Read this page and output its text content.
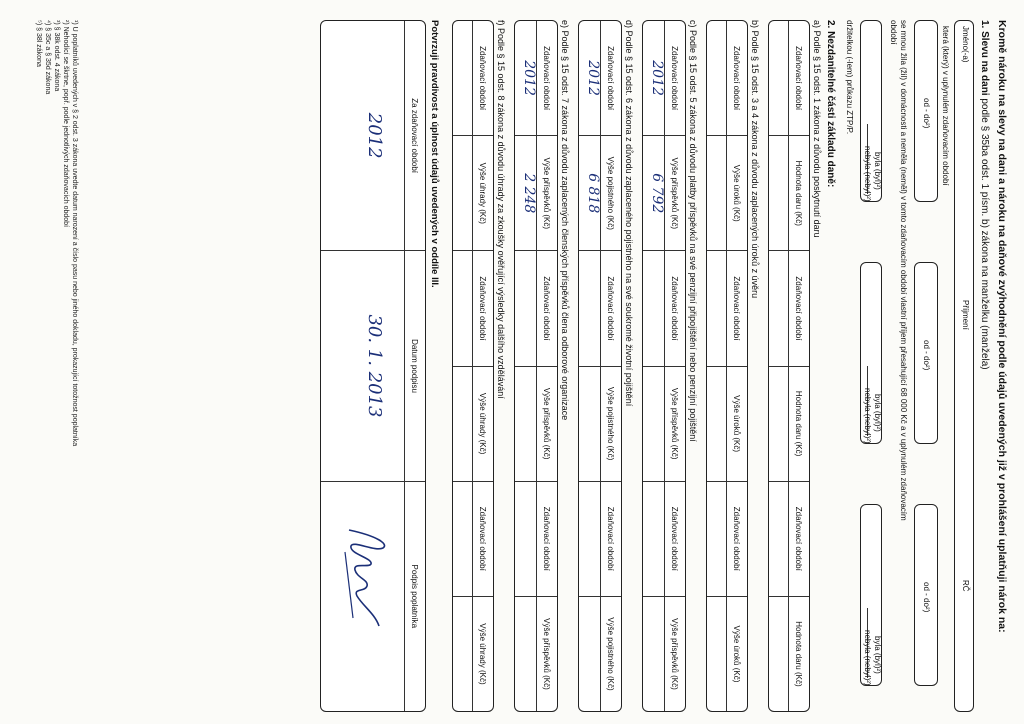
Kromě nároku na slevy na dani a nároku na daňové zvýhodnění podle údajů uvedených již v prohlášení uplatňuji nárok na:
1. Slevu na dani podle § 35ba odst. 1 písm. b) zákona na manželku (manžela)
Jméno(-a)
Příjmení
RČ
která (který) v uplynulém zdaňovacím období
od - do²)
od - do²)
od - do²)
se mnou žila (žil) v domácnosti a neměla (neměl) v tomto zdaňovacím období vlastní příjem přesahující 68 000 Kč a v uplynulém zdaňovacím
období
byla (byl)²)
nebyla (nebyl)²)
byla (byl)²)
nebyla (nebyl)²)
byla (byl)²)
nebyla (nebyl)²)
držitelkou (-lem) průkazu ZTP/P.
2. Nezdanitelné části základu daně:
a) Podle § 15 odst. 1 zákona z důvodu poskytnutí daru
Zdaňovací období
Hodnota daru (Kč)
Zdaňovací období
Hodnota daru (Kč)
Zdaňovací období
Hodnota daru (Kč)
b) Podle § 15 odst. 3 a 4 zákona z důvodu zaplacených úroků z úvěru
Zdaňovací období
Výše úroků (Kč)
Zdaňovací období
Výše úroků (Kč)
Zdaňovací období
Výše úroků (Kč)
c) Podle § 15 odst. 5 zákona z důvodu platby příspěvků na své penzijní připojištění nebo penzijní pojištění
Zdaňovací období
2012
Výše příspěvků (Kč)
6 792
Zdaňovací období
Výše příspěvků (Kč)
Zdaňovací období
Výše příspěvků (Kč)
d) Podle § 15 odst. 6 zákona z důvodu zaplaceného pojistného na své soukromé životní pojištění
Zdaňovací období
2012
Výše pojistného (Kč)
6 818
Zdaňovací období
Výše pojistného (Kč)
Zdaňovací období
Výše pojistného (Kč)
e) Podle § 15 odst. 7 zákona z důvodu zaplacených členských příspěvků člena odborové organizace
Zdaňovací období
2012
Výše příspěvků (Kč)
2 248
Zdaňovací období
Výše příspěvků (Kč)
Zdaňovací období
Výše příspěvků (Kč)
f) Podle § 15 odst. 8 zákona z důvodu úhrady za zkoušky ověřující výsledky dalšího vzdělávání
Zdaňovací období
Výše úhrady (Kč)
Zdaňovací období
Výše úhrady (Kč)
Zdaňovací období
Výše úhrady (Kč)
Potvrzuji pravdivost a úplnost údajů uvedených v oddíle III.
Za zdaňovací období
2012
Datum podpisu
30. 1. 2013
Podpis poplatníka
¹) U poplatníků uvedených v § 2 odst. 3 zákona uvedte datum narození a číslo pasu nebo jiného dokladu, prokazující totožnost poplatníka
²) Nehodící se škrtne, popř. podle jednotlivých zdaňovacích období
³) § 38k odst. 4 zákona
⁴) § 35c a § 35d zákona
⁵) § 38l zákona
